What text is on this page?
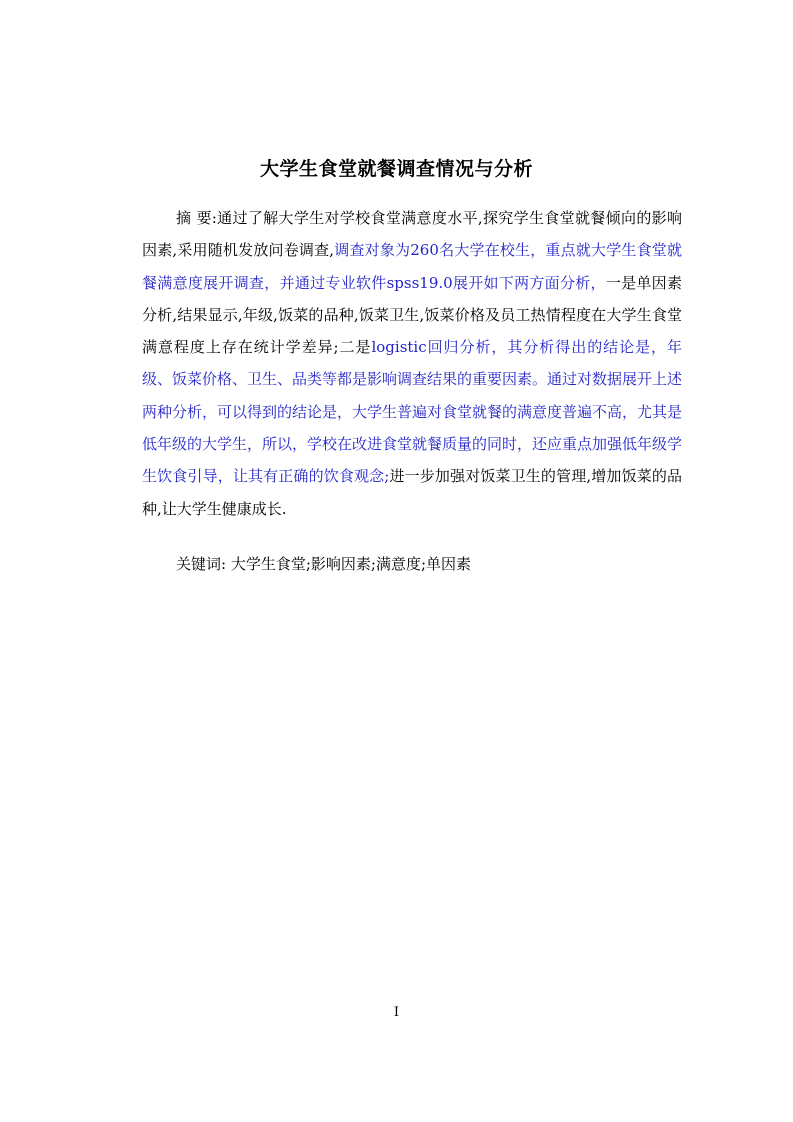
大学生食堂就餐调查情况与分析
摘 要:通过了解大学生对学校食堂满意度水平,探究学生食堂就餐倾向的影响因素,采用随机发放问卷调查,调查对象为260名大学在校生，重点就大学生食堂就餐满意度展开调查，并通过专业软件spss19.0展开如下两方面分析，一是单因素分析,结果显示,年级,饭菜的品种,饭菜卫生,饭菜价格及员工热情程度在大学生食堂满意程度上存在统计学差异;二是logistic回归分析，其分析得出的结论是，年级、饭菜价格、卫生、品类等都是影响调查结果的重要因素。通过对数据展开上述两种分析，可以得到的结论是，大学生普遍对食堂就餐的满意度普遍不高，尤其是低年级的大学生，所以，学校在改进食堂就餐质量的同时，还应重点加强低年级学生饮食引导，让其有正确的饮食观念;进一步加强对饭菜卫生的管理,增加饭菜的品种,让大学生健康成长.
关键词: 大学生食堂;影响因素;满意度;单因素
I
